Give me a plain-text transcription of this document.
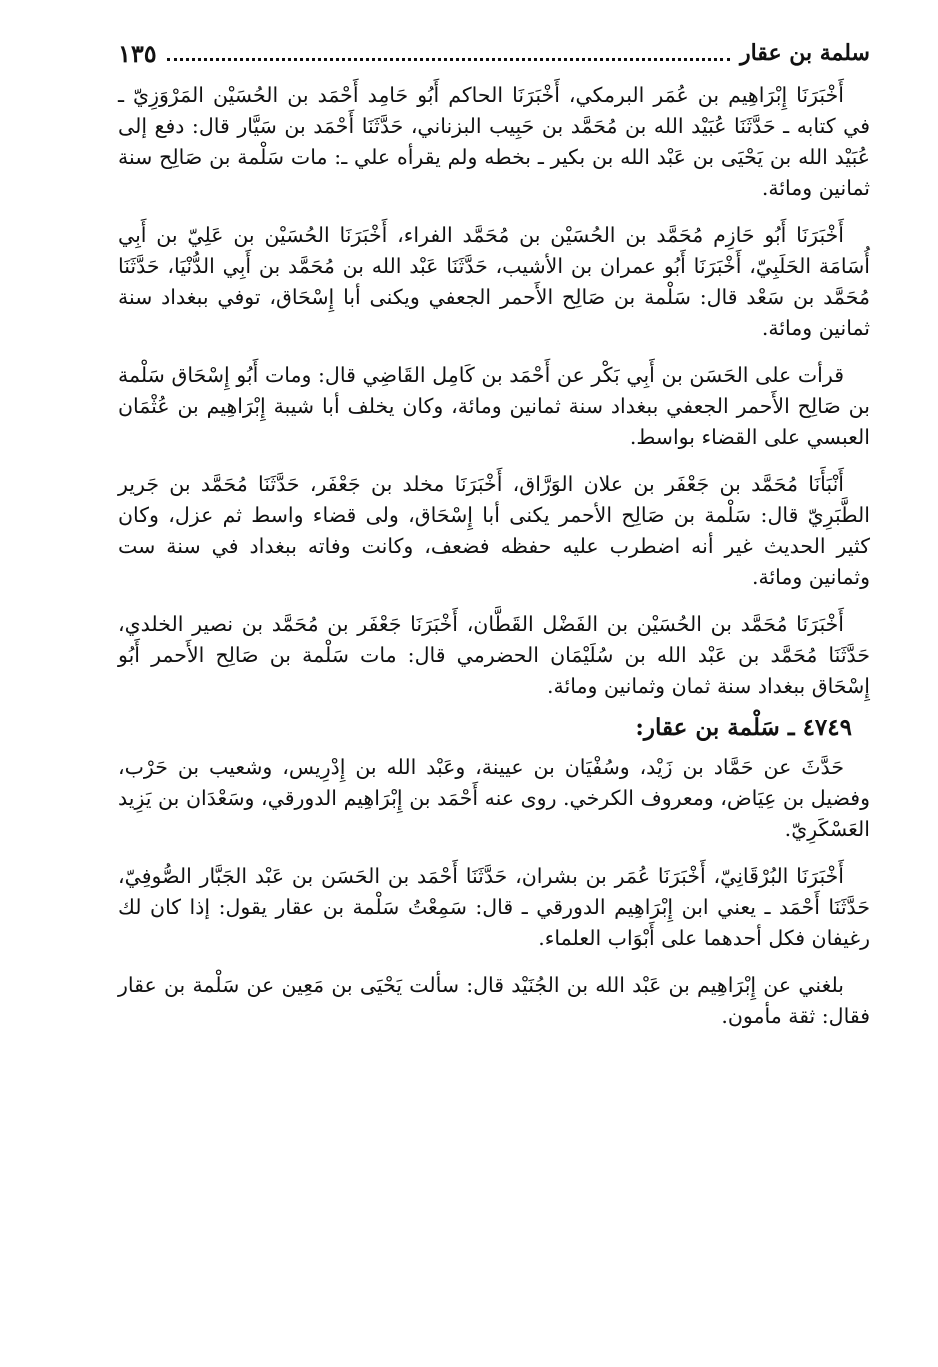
سلمة بن عقار
١٣٥

أَخْبَرَنَا إِبْرَاهِيم بن عُمَر البرمكي، أَخْبَرَنَا الحاكم أَبُو حَامِد أَحْمَد بن الحُسَيْن المَرْوَزِيّ ـ في كتابه ـ حَدَّثَنَا عُبَيْد الله بن مُحَمَّد بن حَبِيب البزناني، حَدَّثَنَا أَحْمَد بن سَيَّار قال: دفع إلى عُبَيْد الله بن يَحْيَى بن عَبْد الله بن بكير ـ بخطه ولم يقرأه علي ـ: مات سَلْمة بن صَالِح سنة ثمانين ومائة.

أَخْبَرَنَا أَبُو حَازِم مُحَمَّد بن الحُسَيْن بن مُحَمَّد الفراء، أَخْبَرَنَا الحُسَيْن بن عَلِيّ بن أَبِي أُسَامَة الحَلَبِيّ، أَخْبَرَنَا أَبُو عمران بن الأشيب، حَدَّثَنَا عَبْد الله بن مُحَمَّد بن أَبِي الدُّنْيَا، حَدَّثَنَا مُحَمَّد بن سَعْد قال: سَلْمة بن صَالِح الأَحمر الجعفي ويكنى أبا إِسْحَاق، توفي ببغداد سنة ثمانين ومائة.

قرأت على الحَسَن بن أَبِي بَكْر عن أَحْمَد بن كَامِل القَاضِي قال: ومات أَبُو إِسْحَاق سَلْمة بن صَالِح الأَحمر الجعفي ببغداد سنة ثمانين ومائة، وكان يخلف أبا شيبة إِبْرَاهِيم بن عُثْمَان العبسي على القضاء بواسط.

أَنْبَأَنَا مُحَمَّد بن جَعْفَر بن علان الوَرَّاق، أَخْبَرَنَا مخلد بن جَعْفَر، حَدَّثَنَا مُحَمَّد بن جَرير الطَّبَرِيّ قال: سَلْمة بن صَالِح الأحمر يكنى أبا إِسْحَاق، ولى قضاء واسط ثم عزل، وكان كثير الحديث غير أنه اضطرب عليه حفظه فضعف، وكانت وفاته ببغداد في سنة ست وثمانين ومائة.

أَخْبَرَنَا مُحَمَّد بن الحُسَيْن بن الفَضْل القَطَّان، أَخْبَرَنَا جَعْفَر بن مُحَمَّد بن نصير الخلدي، حَدَّثَنَا مُحَمَّد بن عَبْد الله بن سُلَيْمَان الحضرمي قال: مات سَلْمة بن صَالِح الأَحمر أَبُو إِسْحَاق ببغداد سنة ثمان وثمانين ومائة.

٤٧٤٩ ـ سَلْمة بن عقار:

حَدَّثَ عن حَمَّاد بن زَيْد، وسُفْيَان بن عيينة، وعَبْد الله بن إِدْرِيس، وشعيب بن حَرْب، وفضيل بن عِيَاض، ومعروف الكرخي. روى عنه أَحْمَد بن إِبْرَاهِيم الدورقي، وسَعْدَان بن يَزِيد العَسْكَرِيّ.

أَخْبَرَنَا البُرْقَانِيّ، أَخْبَرَنَا عُمَر بن بشران، حَدَّثَنَا أَحْمَد بن الحَسَن بن عَبْد الجَبَّار الصُّوفِيّ، حَدَّثَنَا أَحْمَد ـ يعني ابن إِبْرَاهِيم الدورقي ـ قال: سَمِعْتُ سَلْمة بن عقار يقول: إذا كان لك رغيفان فكل أحدهما على أَبْوَاب العلماء.

بلغني عن إِبْرَاهِيم بن عَبْد الله بن الجُنَيْد قال: سألت يَحْيَى بن مَعِين عن سَلْمة بن عقار فقال: ثقة مأمون.
